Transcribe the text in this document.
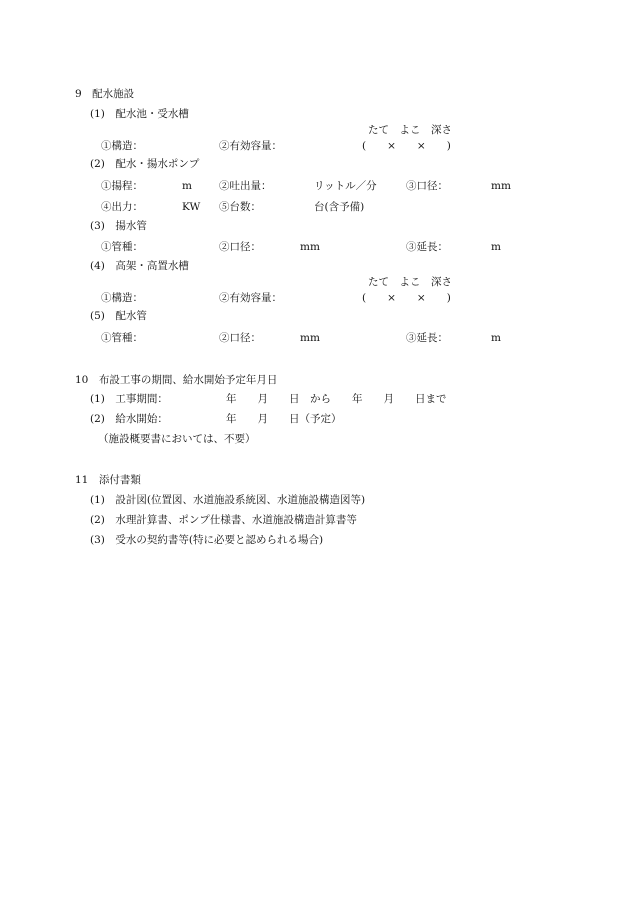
9　配水施設
(1)　配水池・受水槽
たて　よこ　深さ
①構造：	②有効容量：	(　　×　　×　　)
(2)　配水・揚水ポンプ
①揚程：	m	②吐出量：	リットル／分	③口径：	mm
④出力：	KW ⑤台数：	台(含予備)
(3)　揚水管
①管種：	②口径：	mm	③延長：	m
(4)　高架・高置水槽
たて　よこ　深さ
①構造：	②有効容量：	(　　×　　×　　)
(5)　配水管
①管種：	②口径：	mm	③延長：	m
10　布設工事の期間、給水開始予定年月日
(1)　工事期間：	年　　月　　日　から　　年　　月　　日まで
(2)　給水開始：	年　　月　　日（予定）
（施設概要書においては、不要）
11　添付書類
(1)　設計図(位置図、水道施設系統図、水道施設構造図等)
(2)　水理計算書、ポンプ仕様書、水道施設構造計算書等
(3)　受水の契約書等(特に必要と認められる場合)
